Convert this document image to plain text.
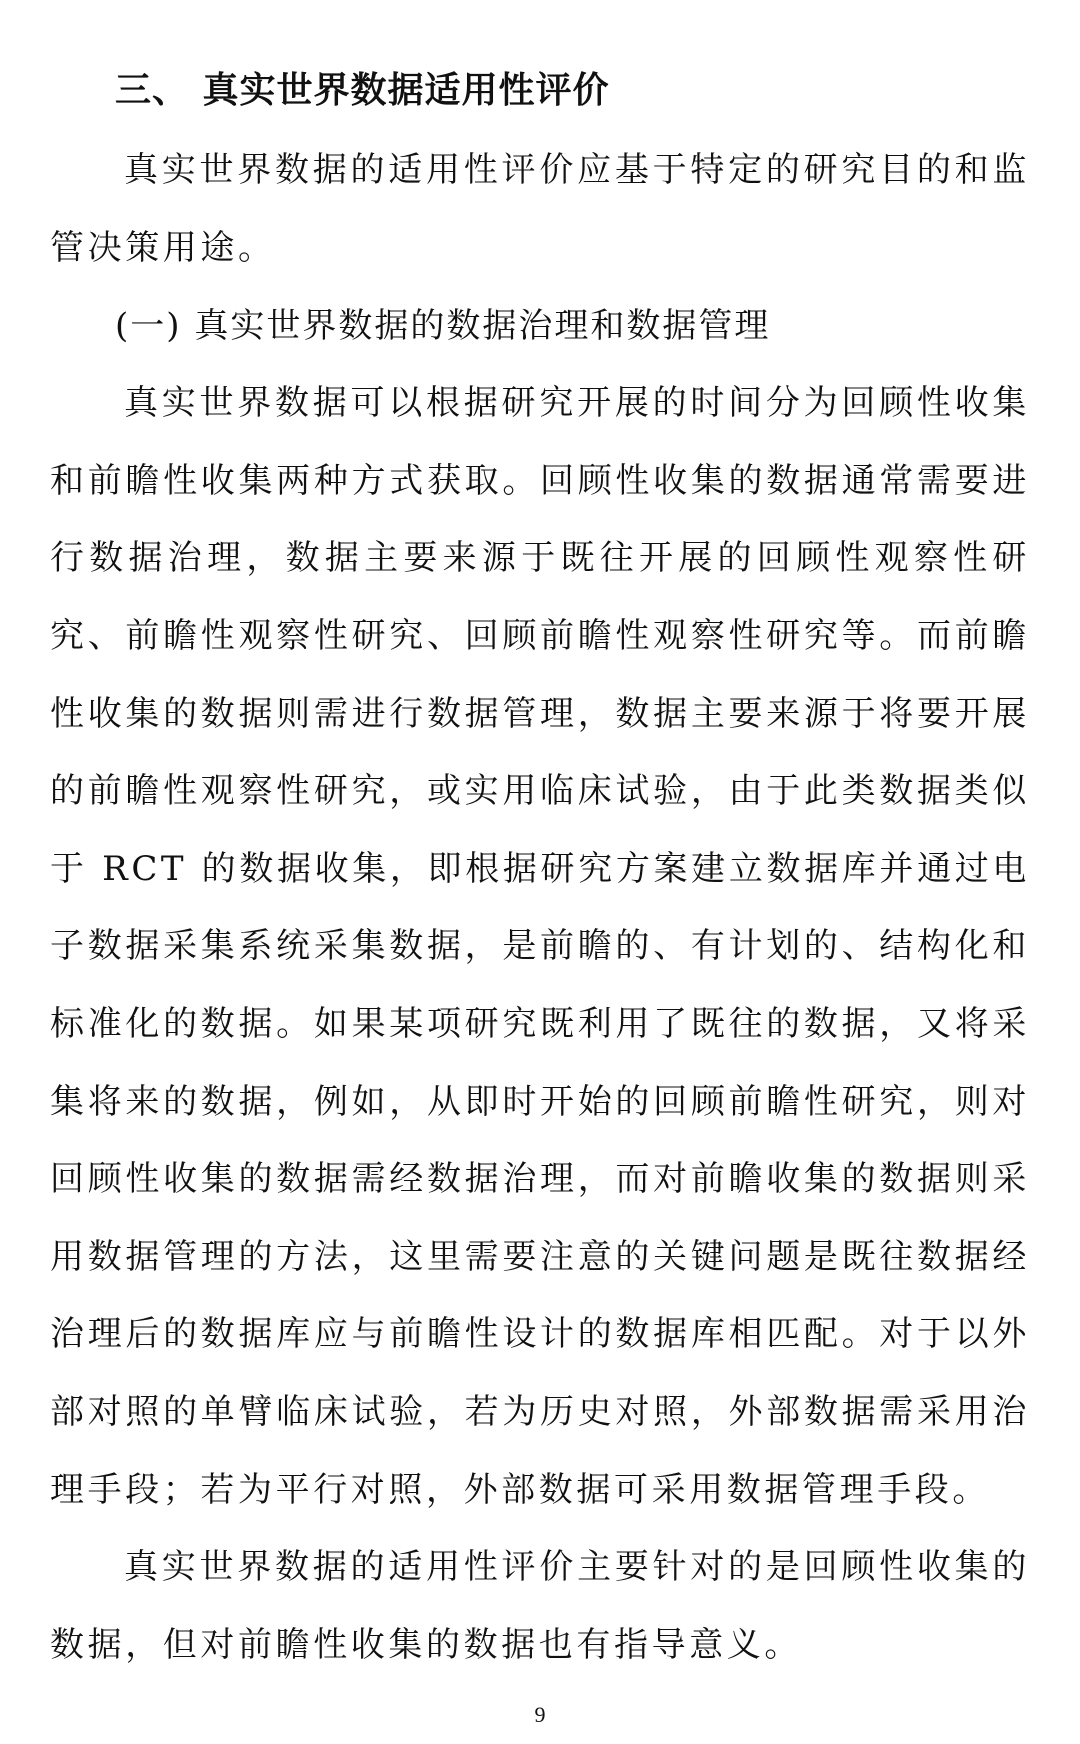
三、 真实世界数据适用性评价

真实世界数据的适用性评价应基于特定的研究目的和监管决策用途。

(一) 真实世界数据的数据治理和数据管理

真实世界数据可以根据研究开展的时间分为回顾性收集和前瞻性收集两种方式获取。回顾性收集的数据通常需要进行数据治理，数据主要来源于既往开展的回顾性观察性研究、前瞻性观察性研究、回顾前瞻性观察性研究等。而前瞻性收集的数据则需进行数据管理，数据主要来源于将要开展的前瞻性观察性研究，或实用临床试验，由于此类数据类似于 RCT 的数据收集，即根据研究方案建立数据库并通过电子数据采集系统采集数据，是前瞻的、有计划的、结构化和标准化的数据。如果某项研究既利用了既往的数据，又将采集将来的数据，例如，从即时开始的回顾前瞻性研究，则对回顾性收集的数据需经数据治理，而对前瞻收集的数据则采用数据管理的方法，这里需要注意的关键问题是既往数据经治理后的数据库应与前瞻性设计的数据库相匹配。对于以外部对照的单臂临床试验，若为历史对照，外部数据需采用治理手段；若为平行对照，外部数据可采用数据管理手段。

真实世界数据的适用性评价主要针对的是回顾性收集的数据，但对前瞻性收集的数据也有指导意义。

9
